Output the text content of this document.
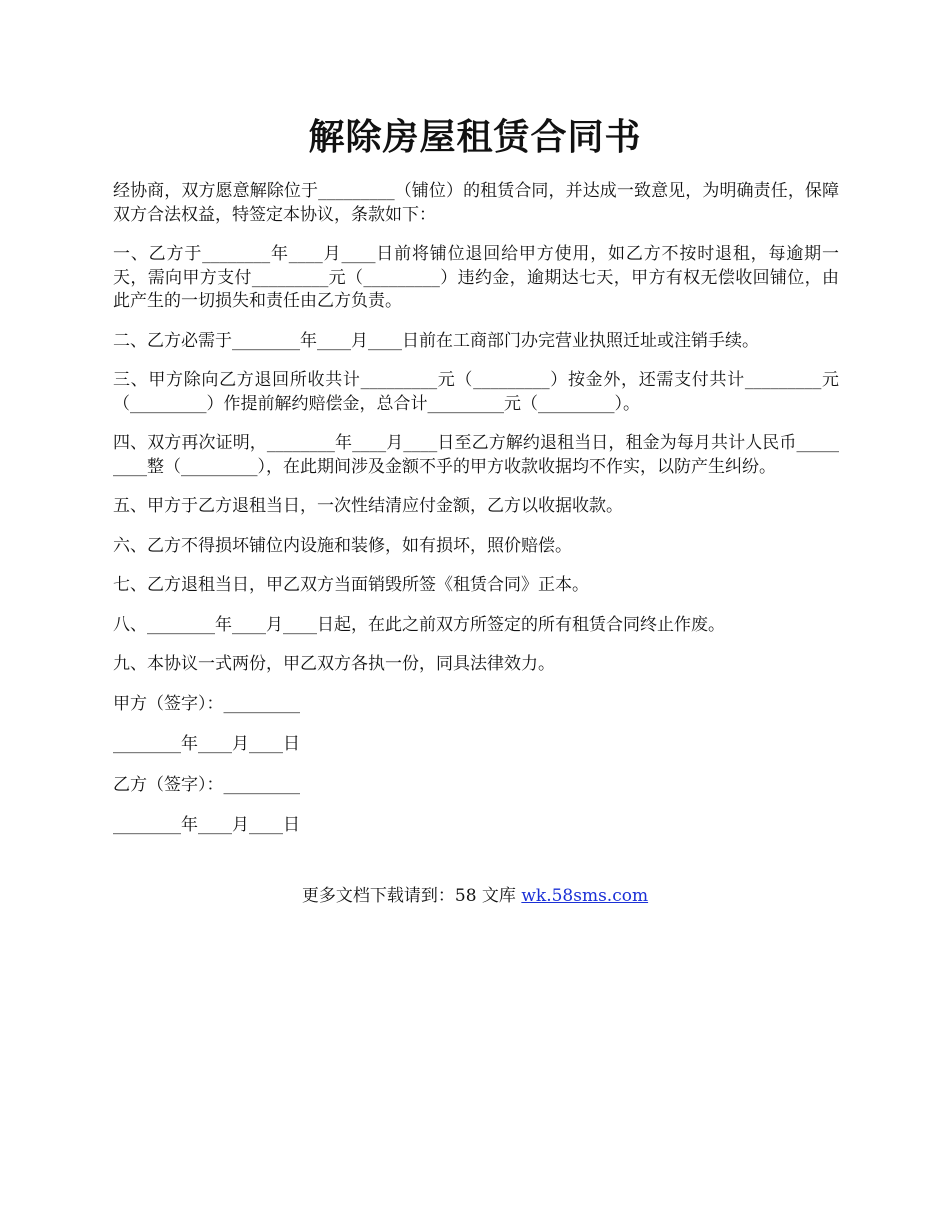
解除房屋租赁合同书

经协商，双方愿意解除位于_________（铺位）的租赁合同，并达成一致意见，为明确责任，保障双方合法权益，特签定本协议，条款如下：

一、乙方于________年____月____日前将铺位退回给甲方使用，如乙方不按时退租，每逾期一天，需向甲方支付_________元（_________）违约金，逾期达七天，甲方有权无偿收回铺位，由此产生的一切损失和责任由乙方负责。

二、乙方必需于________年____月____日前在工商部门办完营业执照迁址或注销手续。

三、甲方除向乙方退回所收共计_________元（_________）按金外，还需支付共计_________元（_________）作提前解约赔偿金，总合计_________元（_________）。

四、双方再次证明，________年____月____日至乙方解约退租当日，租金为每月共计人民币_________整（_________），在此期间涉及金额不乎的甲方收款收据均不作实，以防产生纠纷。

五、甲方于乙方退租当日，一次性结清应付金额，乙方以收据收款。

六、乙方不得损坏铺位内设施和装修，如有损坏，照价赔偿。

七、乙方退租当日，甲乙双方当面销毁所签《租赁合同》正本。

八、________年____月____日起，在此之前双方所签定的所有租赁合同终止作废。

九、本协议一式两份，甲乙双方各执一份，同具法律效力。

甲方（签字）：_________

________年____月____日

乙方（签字）：_________

________年____月____日

更多文档下载请到：58 文库 wk.58sms.com
